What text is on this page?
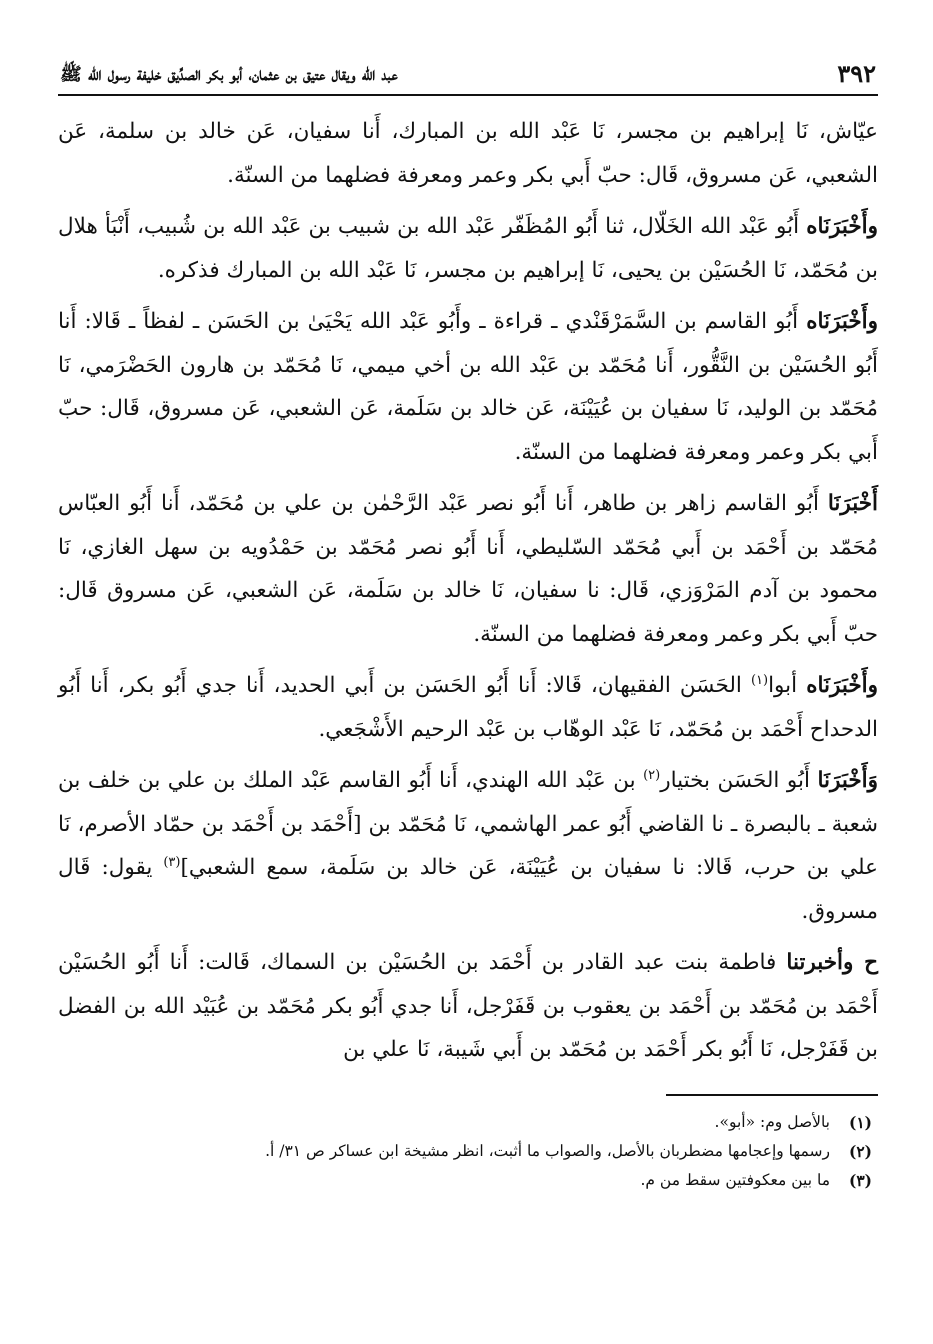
٣٩٢
عبد الله ويقال عتيق بن عثمان، أبو بكر الصدِّيق خليفة رسول الله ﷺ

عيّاش، نَا إبراهيم بن مجسر، نَا عَبْد الله بن المبارك، أَنا سفيان، عَن خالد بن سلمة، عَن الشعبي، عَن مسروق، قَال: حبّ أَبي بكر وعمر ومعرفة فضلهما من السنّة.

وأَخْبَرَنَاه أَبُو عَبْد الله الخَلّال، ثنا أَبُو المُظَفّر عَبْد الله بن شبيب بن عَبْد الله بن شُبيب، أَنْبَأ هلال بن مُحَمّد، نَا الحُسَيْن بن يحيى، نَا إبراهيم بن مجسر، نَا عَبْد الله بن المبارك فذكره.

وأَخْبَرَنَاه أَبُو القاسم بن السَّمَرْقَنْدي ـ قراءة ـ وأَبُو عَبْد الله يَحْيَىٰ بن الحَسَن ـ لفظاً ـ قَالا: أَنا أَبُو الحُسَيْن بن النَّقُّور، أَنا مُحَمّد بن عَبْد الله بن أخي ميمي، نَا مُحَمّد بن هارون الحَضْرَمي، نَا مُحَمّد بن الوليد، نَا سفيان بن عُيَيْنَة، عَن خالد بن سَلَمة، عَن الشعبي، عَن مسروق، قَال: حبّ أَبي بكر وعمر ومعرفة فضلهما من السنّة.

أَخْبَرَنَا أَبُو القاسم زاهر بن طاهر، أَنا أَبُو نصر عَبْد الرَّحْمٰن بن علي بن مُحَمّد، أَنا أَبُو العبّاس مُحَمّد بن أَحْمَد بن أَبي مُحَمّد السّليطي، أَنا أَبُو نصر مُحَمّد بن حَمْدُويه بن سهل الغازي، نَا محمود بن آدم المَرْوَزي، قَال: نا سفيان، نَا خالد بن سَلَمة، عَن الشعبي، عَن مسروق قَال: حبّ أَبي بكر وعمر ومعرفة فضلهما من السنّة.

وأَخْبَرَنَاه أبوا$^{(١)}$ الحَسَن الفقيهان، قَالا: أَنا أَبُو الحَسَن بن أَبي الحديد، أَنا جدي أَبُو بكر، أَنا أَبُو الدحداح أَحْمَد بن مُحَمّد، نَا عَبْد الوهّاب بن عَبْد الرحيم الأَشْجَعي.

وَأَخْبَرَنَا أَبُو الحَسَن بختيار$^{(٢)}$ بن عَبْد الله الهندي، أَنا أَبُو القاسم عَبْد الملك بن علي بن خلف بن شعبة ـ بالبصرة ـ نا القاضي أَبُو عمر الهاشمي، نَا مُحَمّد بن [أَحْمَد بن أَحْمَد بن حمّاد الأصرم، نَا علي بن حرب، قَالا: نا سفيان بن عُيَيْنَة، عَن خالد بن سَلَمة، سمع الشعبي]$^{(٣)}$ يقول: قَال مسروق.

ح وأخبرتنا فاطمة بنت عبد القادر بن أَحْمَد بن الحُسَيْن بن السماك، قَالت: أَنا أَبُو الحُسَيْن أَحْمَد بن مُحَمّد بن أَحْمَد بن يعقوب بن قَفَرْجل، أَنا جدي أَبُو بكر مُحَمّد بن عُبَيْد الله بن الفضل بن قَفَرْجل، نَا أَبُو بكر أَحْمَد بن مُحَمّد بن أَبي شَيبة، نَا علي بن

(١)
بالأصل وم: «أبو».
(٢)
رسمها وإعجامها مضطربان بالأصل، والصواب ما أثبت، انظر مشيخة ابن عساكر ص ٣١/ أ.
(٣)
ما بين معكوفتين سقط من م.
